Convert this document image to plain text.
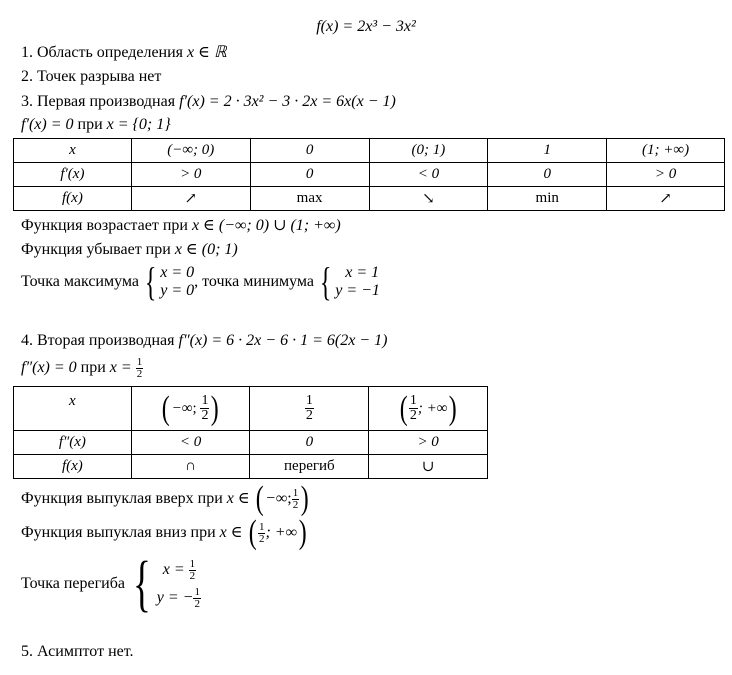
f(x) = 2x³ − 3x²
1. Область определения x ∈ ℝ
2. Точек разрыва нет
3. Первая производная f′(x) = 2 · 3x² − 3 · 2x = 6x(x − 1)
f′(x) = 0 при x = {0; 1}
x	(−∞; 0)	0	(0; 1)	1	(1; +∞)
f′(x)	> 0	0	< 0	0	> 0
f(x)	↗	max	↘	min	↗
Функция возрастает при x ∈ (−∞; 0) ∪ (1; +∞)
Функция убывает при x ∈ (0; 1)
Точка максимума { x = 0
y = 0
, точка минимума { x = 1
y = −1
4. Вторая производная f″(x) = 6 · 2x − 6 · 1 = 6(2x − 1)
f″(x) = 0 при $x = \frac{1}{2}$
x	( −∞; $\frac{1}{2}$ )	$\frac{1}{2}$	( $\frac{1}{2}$ ; +∞)
f″(x)	< 0	0	> 0
f(x)	∩	перегиб	∪
Функция выпуклая вверх при x ∈ ( −∞ ; $\frac{1}{2}$ )
Функция выпуклая вниз при x ∈ ( $\frac{1}{2}$ ; +∞ )
Точка перегиба { $x = \frac{1}{2}$
y = − $\frac{1}{2}$
5. Асимптот нет.
